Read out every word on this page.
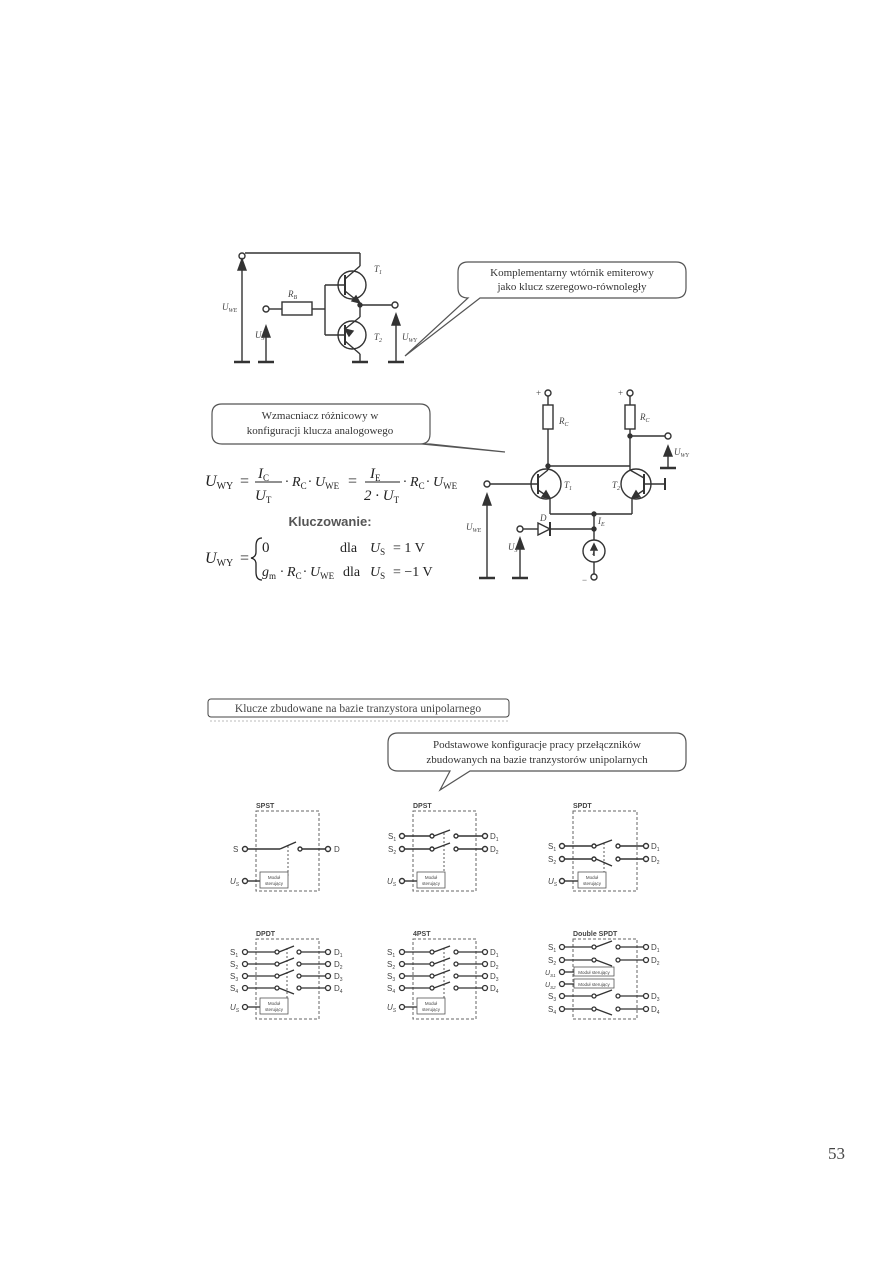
$U_{WE}$
$R_B$
$U_S$
$T_1$
$T_2$ $U_{WY}$
Komplementarny wtórnik emiterowy
jako klucz szeregowo-równoległy
Wzmacniacz różnicowy w
konfiguracji klucza analogowego
+	+
−
$R_C$
$R_C$
$T_1$	$T_2$
D	$I_E$
I
$U_{WE}$
$U_S$
$U_{WY}$
UWY = $I_C$
$U_T$
· $R_C \cdot U_{WE} = I_E$
$2 \cdot U_T$
· $R_C \cdot U_{WE}$
Kluczowanie:
UWY =
0	dla $U_S = 1$ V
$g_m \cdot R_C \cdot U_{WE}$ dla $U_S = -1$ V
Klucze zbudowane na bazie tranzystora unipolarnego
Podstawowe konfiguracje pracy przełączników
zbudowanych na bazie tranzystorów unipolarnych
SPST
Moduł
sterujący
S	D
$U_S$
DPST
Moduł
sterujący
$S_1$
$S_2$
$D_1$
$D_2$
$U_S$
SPDT
Moduł
sterujący
$S_1$
$S_2$
$D_1$
$D_2$
$U_S$
DPDT
Moduł
sterujący
$S_1$
$S_2$
$S_3$
$S_4$
$D_1$
$D_2$
$D_3$
$D_4$
$U_S$
4PST
Moduł
sterujący
$S_1$
$S_2$
$S_3$
$S_4$
$D_1$
$D_2$
$D_3$
$D_4$
$U_S$
Double SPDT
Moduł sterujący
Moduł sterujący
$S_1$
$S_2$
$S_3$
$S_4$
$D_1$
$D_2$
$D_3$
$D_4$
$U_{S1}$
$U_{S2}$
53
